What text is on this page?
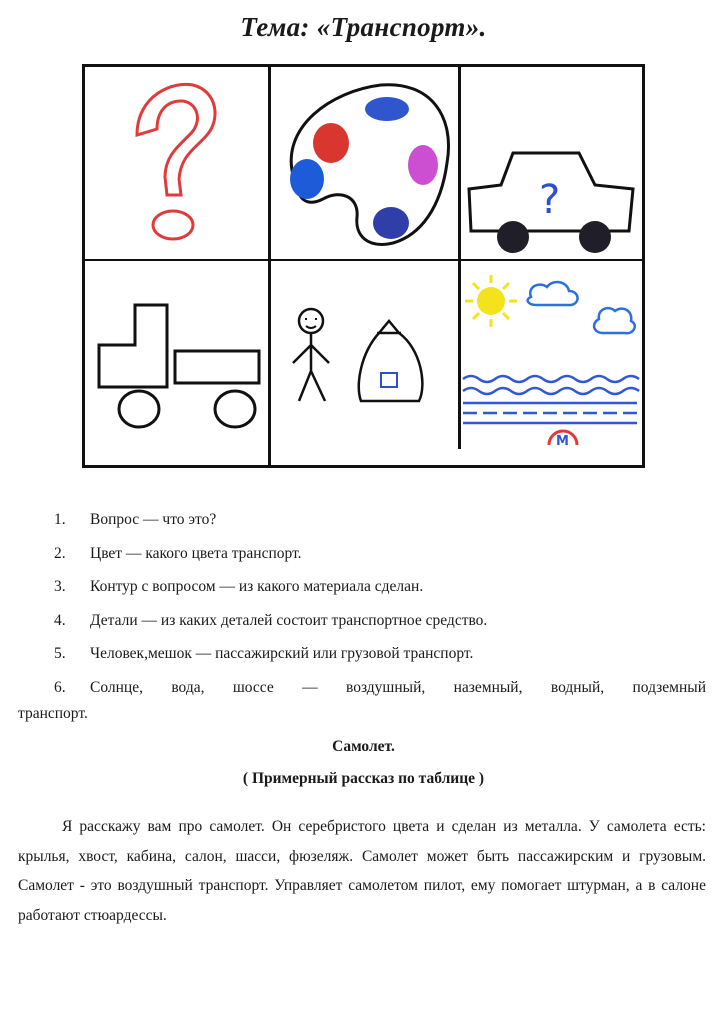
Тема: «Транспорт».
?
М
1. Вопрос — что это?
2. Цвет — какого цвета транспорт.
3. Контур с вопросом — из какого материала сделан.
4. Детали — из каких деталей состоит транспортное средство.
5. Человек,мешок — пассажирский или грузовой транспорт.
6. Солнце, вода, шоссе — воздушный, наземный, водный, подземный
транспорт.
Самолет.
( Примерный рассказ по таблице )
Я расскажу вам про самолет. Он серебристого цвета и сделан из металла. У самолета есть: крылья, хвост, кабина, салон, шасси, фюзеляж. Самолет может быть пассажирским и грузовым. Самолет - это воздушный транспорт. Управляет самолетом пилот, ему помогает штурман, а в салоне работают стюардессы.
